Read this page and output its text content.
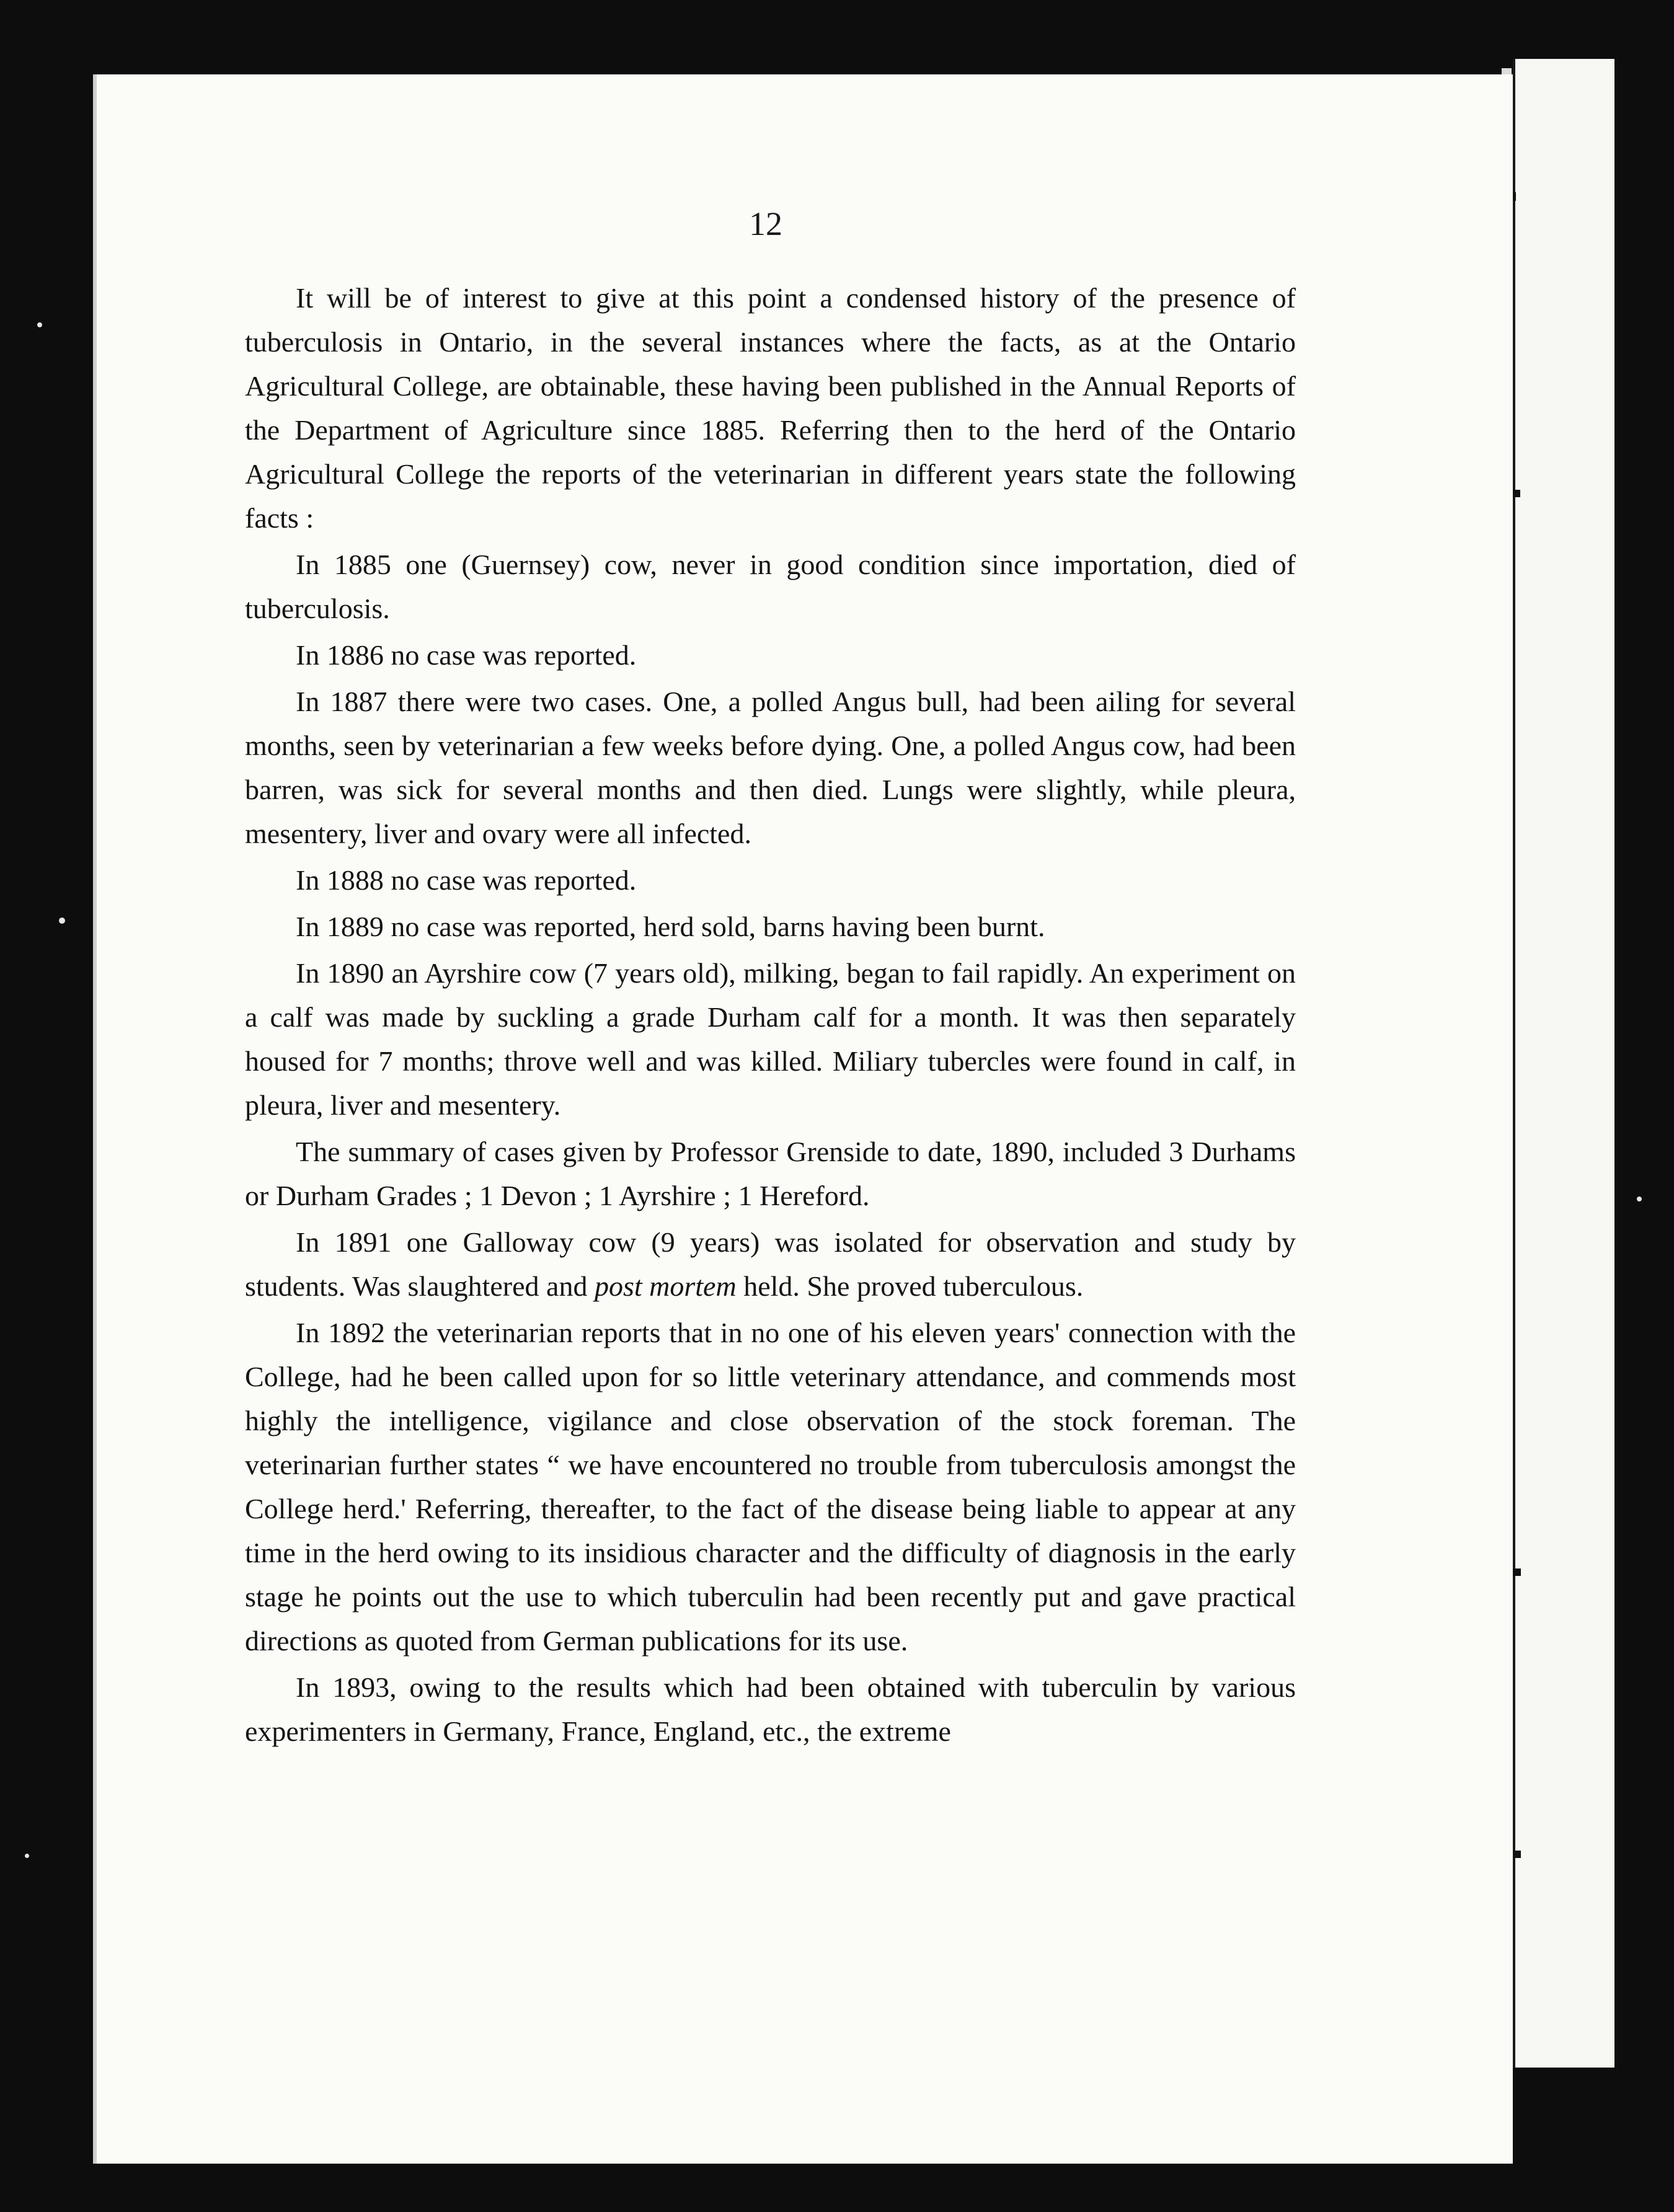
12

It will be of interest to give at this point a condensed history of the presence of tuberculosis in Ontario, in the several instances where the facts, as at the Ontario Agricultural College, are obtainable, these having been published in the Annual Reports of the Department of Agriculture since 1885. Referring then to the herd of the Ontario Agricultural College the reports of the veterinarian in different years state the following facts :

In 1885 one (Guernsey) cow, never in good condition since importation, died of tuberculosis.

In 1886 no case was reported.

In 1887 there were two cases. One, a polled Angus bull, had been ailing for several months, seen by veterinarian a few weeks before dying. One, a polled Angus cow, had been barren, was sick for several months and then died. Lungs were slightly, while pleura, mesentery, liver and ovary were all infected.

In 1888 no case was reported.

In 1889 no case was reported, herd sold, barns having been burnt.

In 1890 an Ayrshire cow (7 years old), milking, began to fail rapidly. An experiment on a calf was made by suckling a grade Durham calf for a month. It was then separately housed for 7 months; throve well and was killed. Miliary tubercles were found in calf, in pleura, liver and mesentery.

The summary of cases given by Professor Grenside to date, 1890, included 3 Durhams or Durham Grades ; 1 Devon ; 1 Ayrshire ; 1 Hereford.

In 1891 one Galloway cow (9 years) was isolated for observation and study by students. Was slaughtered and post mortem held. She proved tuberculous.

In 1892 the veterinarian reports that in no one of his eleven years' connection with the College, had he been called upon for so little veterinary attendance, and commends most highly the intelligence, vigilance and close observation of the stock foreman. The veterinarian further states “ we have encountered no trouble from tuberculosis amongst the College herd.' Referring, thereafter, to the fact of the disease being liable to appear at any time in the herd owing to its insidious character and the difficulty of diagnosis in the early stage he points out the use to which tuberculin had been recently put and gave practical directions as quoted from German publications for its use.

In 1893, owing to the results which had been obtained with tuberculin by various experimenters in Germany, France, England, etc., the extreme
